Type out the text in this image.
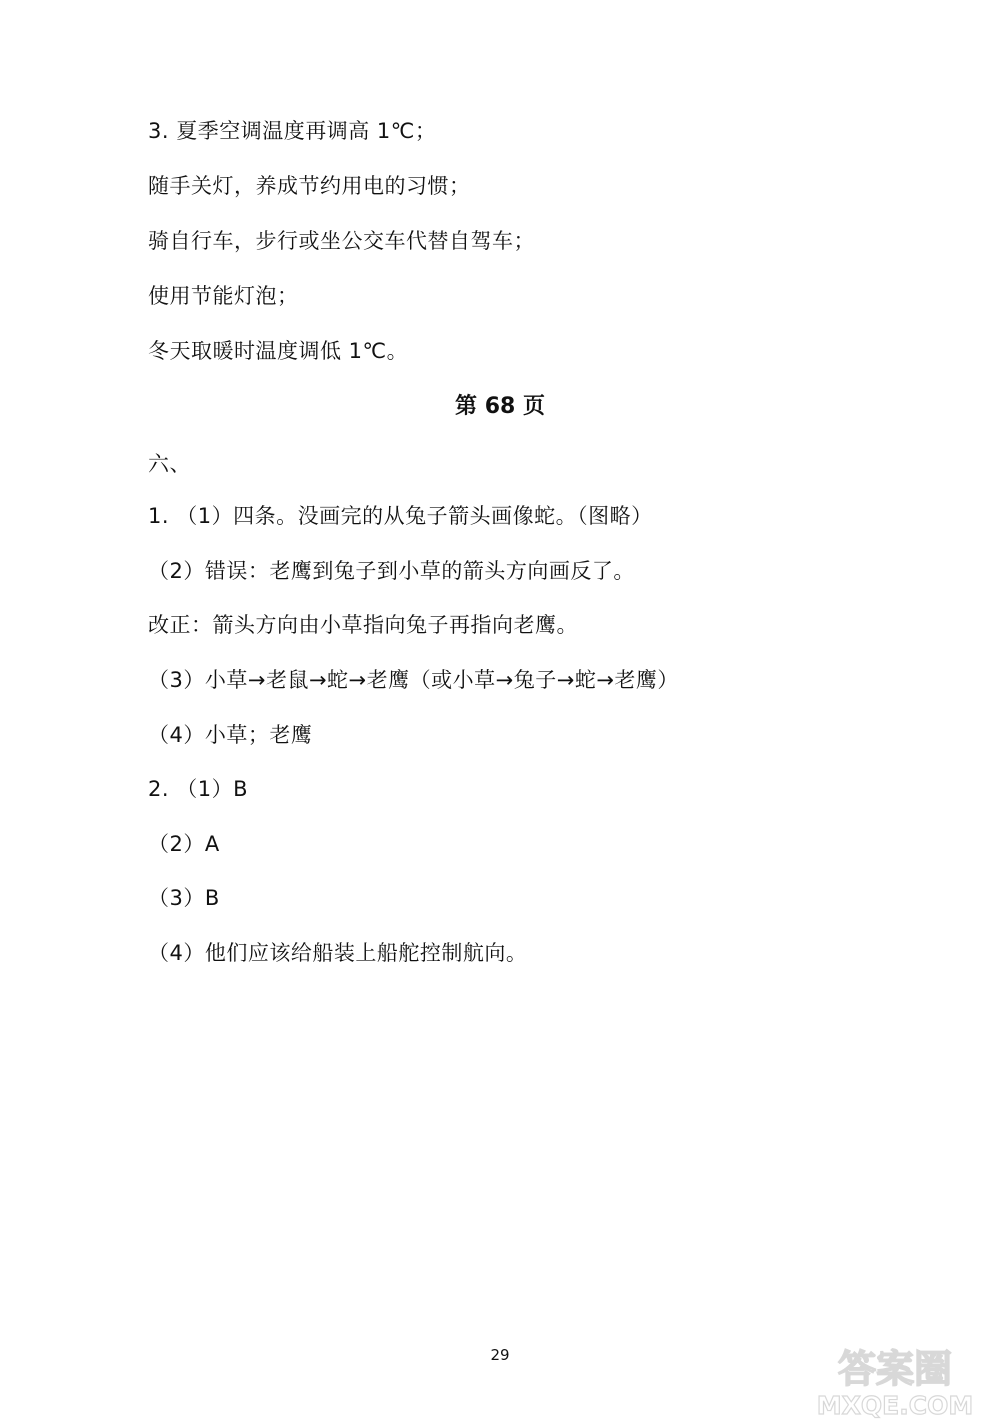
3. 夏季空调温度再调高 1℃；
随手关灯，养成节约用电的习惯；
骑自行车，步行或坐公交车代替自驾车；
使用节能灯泡；
冬天取暖时温度调低 1℃。
第 68 页
六、
1. （1）四条。没画完的从兔子箭头画像蛇。（图略）
（2）错误：老鹰到兔子到小草的箭头方向画反了。
改正：箭头方向由小草指向兔子再指向老鹰。
（3）小草→老鼠→蛇→老鹰（或小草→兔子→蛇→老鹰）
（4）小草；老鹰
2. （1）B
（2）A
（3）B
（4）他们应该给船装上船舵控制航向。
29	答案圈
MXQE.COM
